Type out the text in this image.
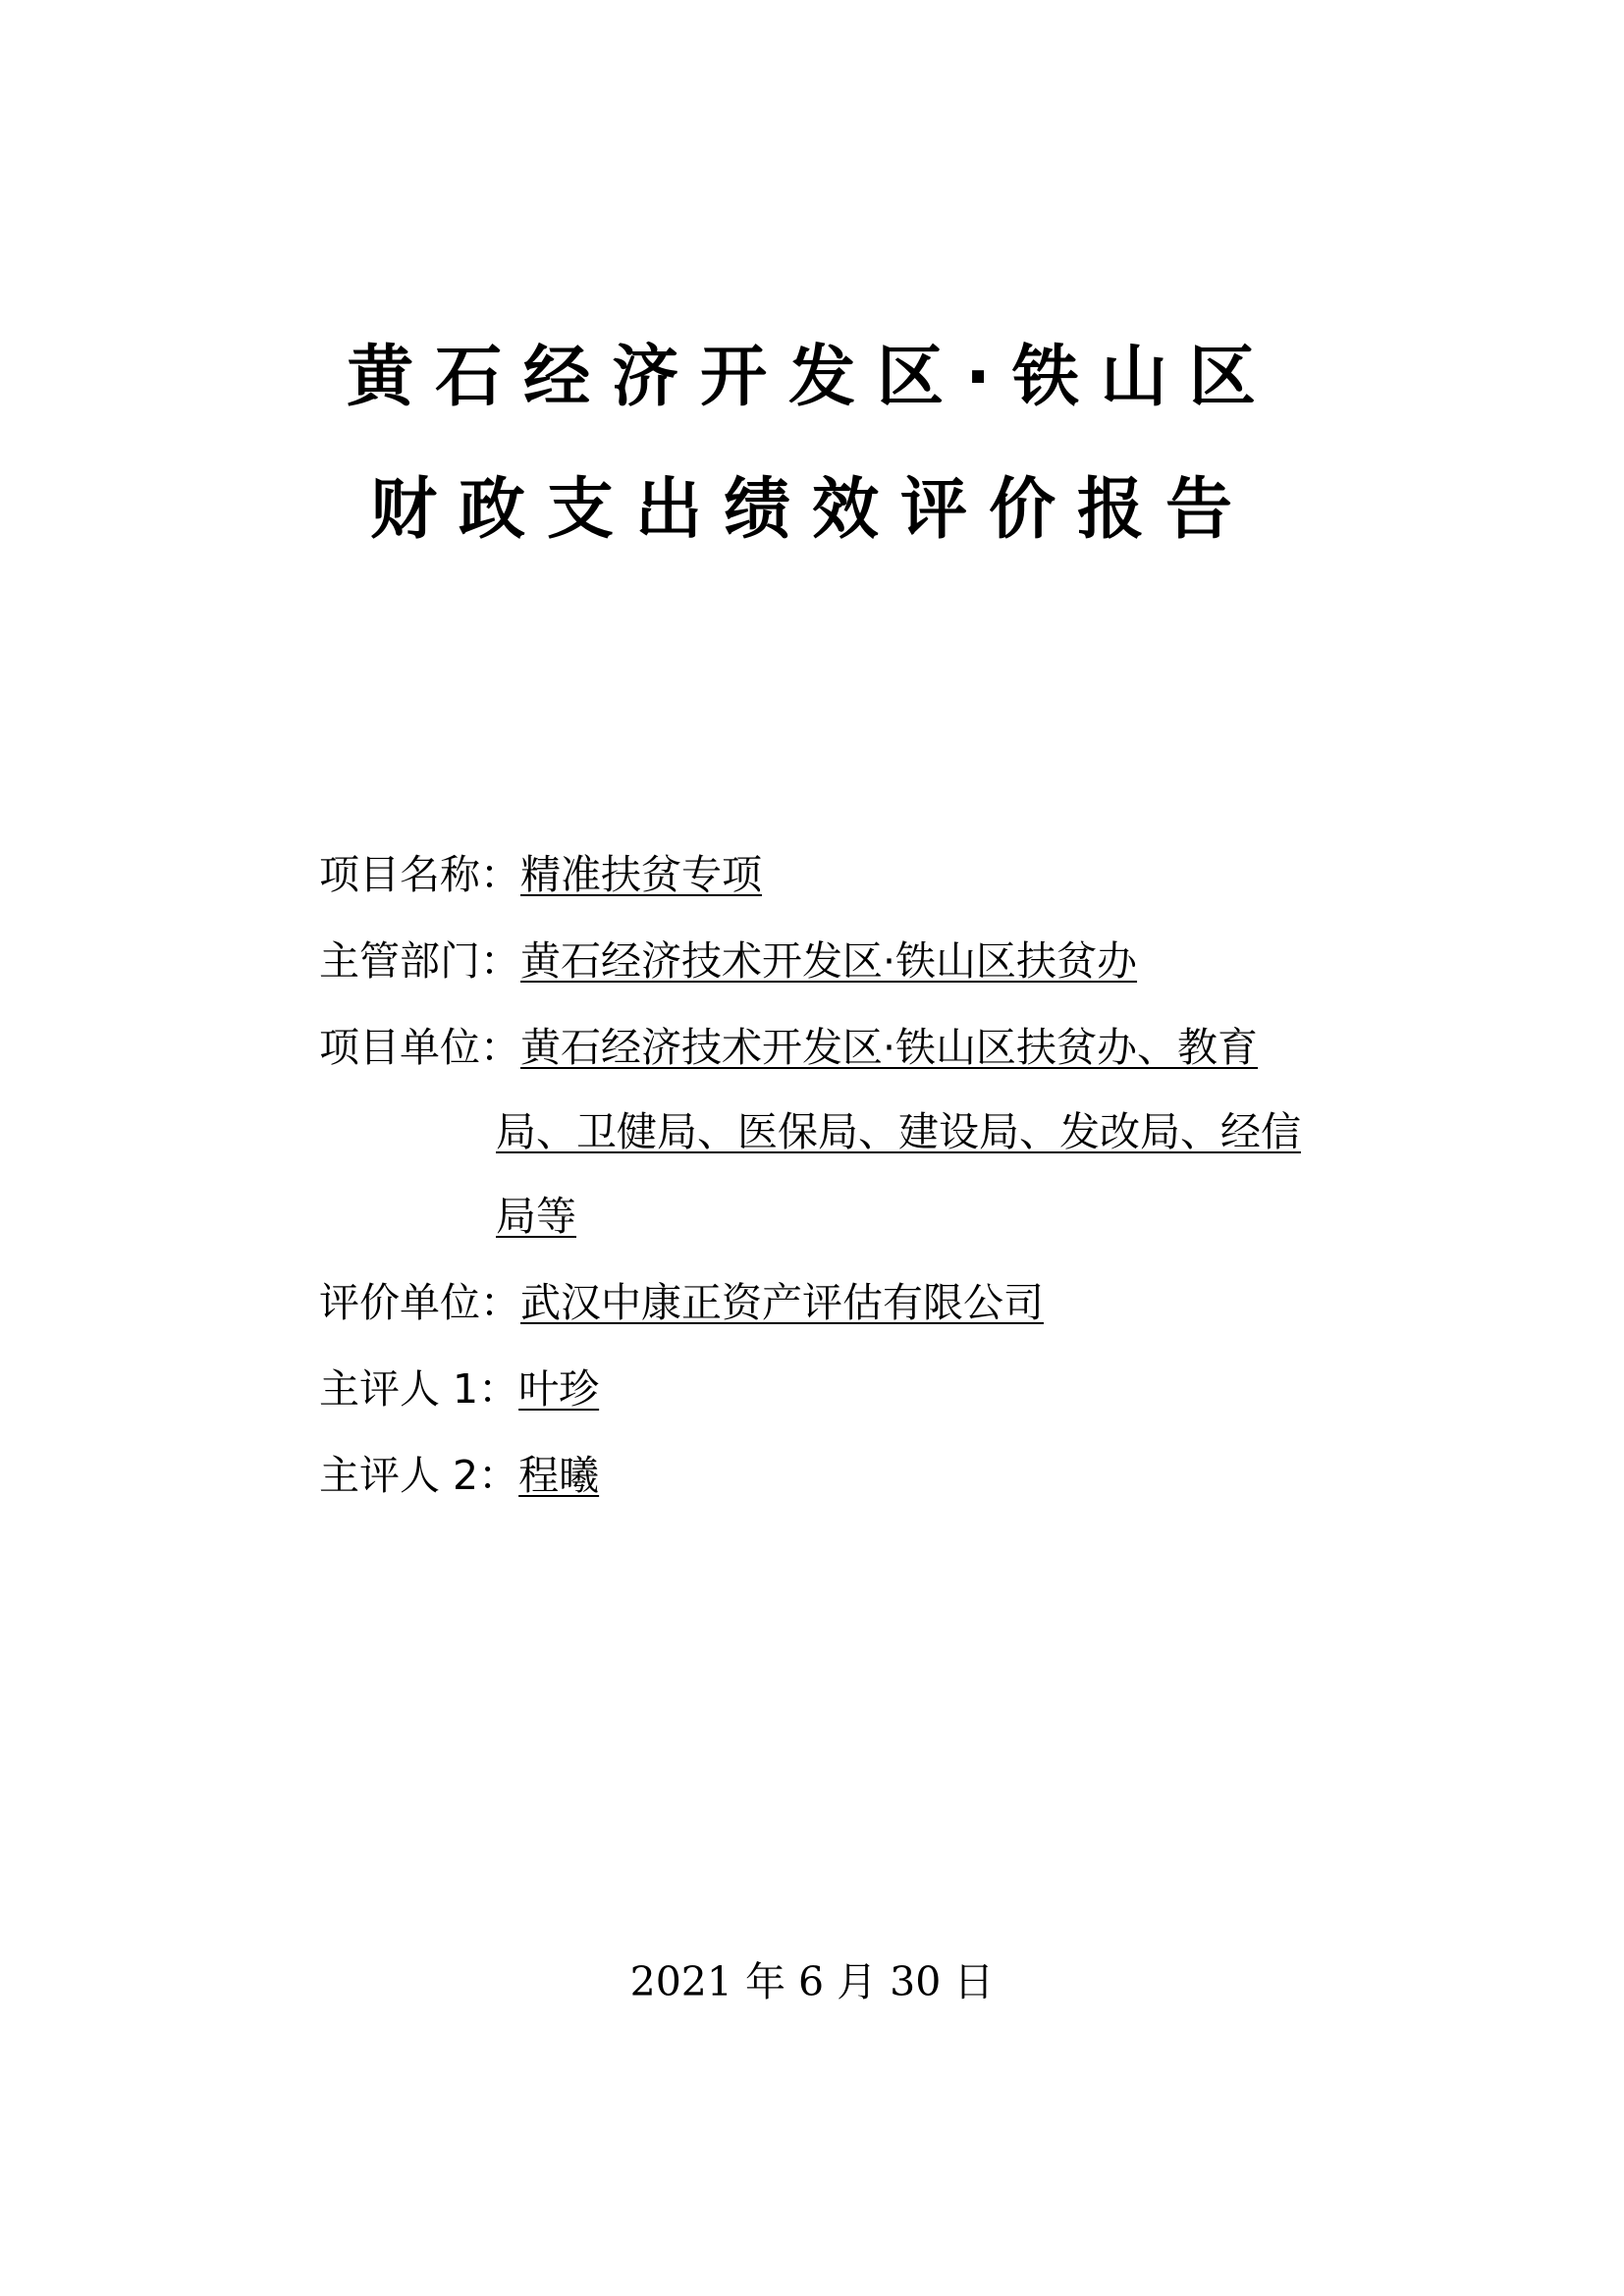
黄石经济开发区·铁山区
财政支出绩效评价报告
项目名称：精准扶贫专项
主管部门：黄石经济技术开发区·铁山区扶贫办
项目单位：黄石经济技术开发区·铁山区扶贫办、教育
局、卫健局、医保局、建设局、发改局、经信
局等
评价单位：武汉中康正资产评估有限公司
主评人 1：叶珍
主评人 2：程曦
2021 年 6 月 30 日
